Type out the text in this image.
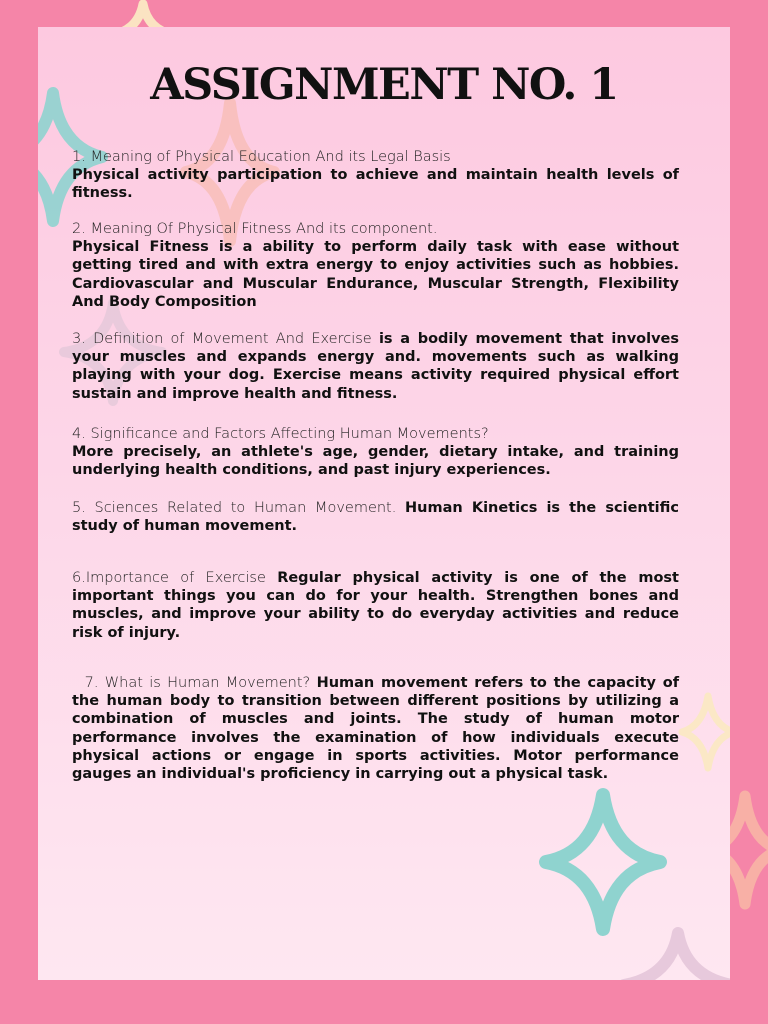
ASSIGNMENT NO. 1

1. Meaning of Physical Education And its Legal Basis
Physical activity participation to achieve and maintain health levels of fitness.

2. Meaning Of Physical Fitness And its component.
Physical Fitness is a ability to perform daily task with ease without getting tired and with extra energy to enjoy activities such as hobbies. Cardiovascular and Muscular Endurance, Muscular Strength, Flexibility And Body Composition

3. Definition of Movement And Exercise is a bodily movement that involves your muscles and expands energy and. movements such as walking playing with your dog. Exercise means activity required physical effort sustain and improve health and fitness.

4. Significance and Factors Affecting Human Movements?
More precisely, an athlete's age, gender, dietary intake, and training underlying health conditions, and past injury experiences.

5. Sciences Related to Human Movement. Human Kinetics is the scientific study of human movement.

6.Importance of Exercise Regular physical activity is one of the most important things you can do for your health. Strengthen bones and muscles, and improve your ability to do everyday activities and reduce risk of injury.

7. What is Human Movement? Human movement refers to the capacity of the human body to transition between different positions by utilizing a combination of muscles and joints. The study of human motor performance involves the examination of how individuals execute physical actions or engage in sports activities. Motor performance gauges an individual's proficiency in carrying out a physical task.
